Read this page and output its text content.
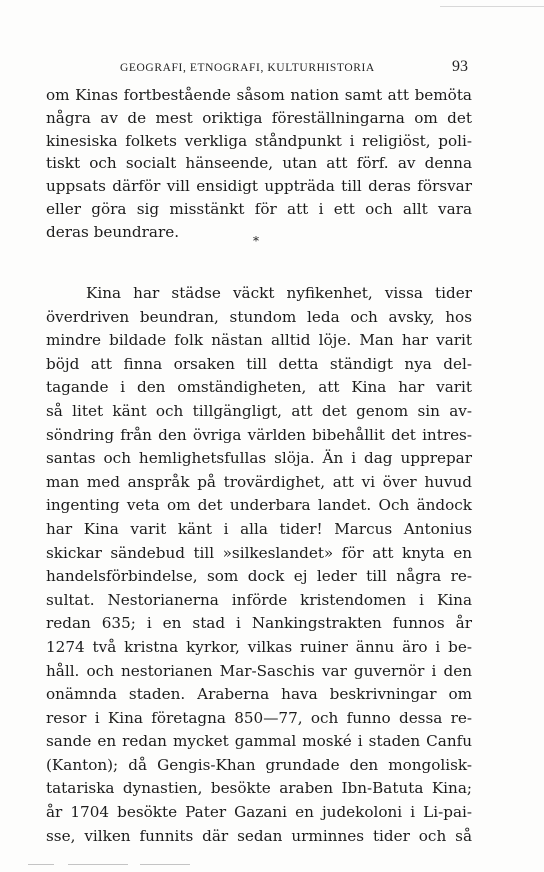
GEOGRAFI, ETNOGRAFI, KULTURHISTORIA	93
om Kinas fortbestående såsom nation samt att bemöta
några av de mest oriktiga föreställningarna om det
kinesiska folkets verkliga ståndpunkt i religiöst, poli-
tiskt och socialt hänseende, utan att förf. av denna
uppsats därför vill ensidigt uppträda till deras försvar
eller göra sig misstänkt för att i ett och allt vara
deras beundrare.
*
Kina har städse väckt nyfikenhet, vissa tider
överdriven beundran, stundom leda och avsky, hos
mindre bildade folk nästan alltid löje. Man har varit
böjd att finna orsaken till detta ständigt nya del-
tagande i den omständigheten, att Kina har varit
så litet känt och tillgängligt, att det genom sin av-
söndring från den övriga världen bibehållit det intres-
santas och hemlighetsfullas slöja. Än i dag upprepar
man med anspråk på trovärdighet, att vi över huvud
ingenting veta om det underbara landet. Och ändock
har Kina varit känt i alla tider! Marcus Antonius
skickar sändebud till »silkeslandet» för att knyta en
handelsförbindelse, som dock ej leder till några re-
sultat. Nestorianerna införde kristendomen i Kina
redan 635; i en stad i Nankingstrakten funnos år
1274 två kristna kyrkor, vilkas ruiner ännu äro i be-
håll. och nestorianen Mar-Saschis var guvernör i den
onämnda staden. Araberna hava beskrivningar om
resor i Kina företagna 850—77, och funno dessa re-
sande en redan mycket gammal moské i staden Canfu
(Kanton); då Gengis-Khan grundade den mongolisk-
tatariska dynastien, besökte araben Ibn-Batuta Kina;
år 1704 besökte Pater Gazani en judekoloni i Li-pai-
sse, vilken funnits där sedan urminnes tider och så
